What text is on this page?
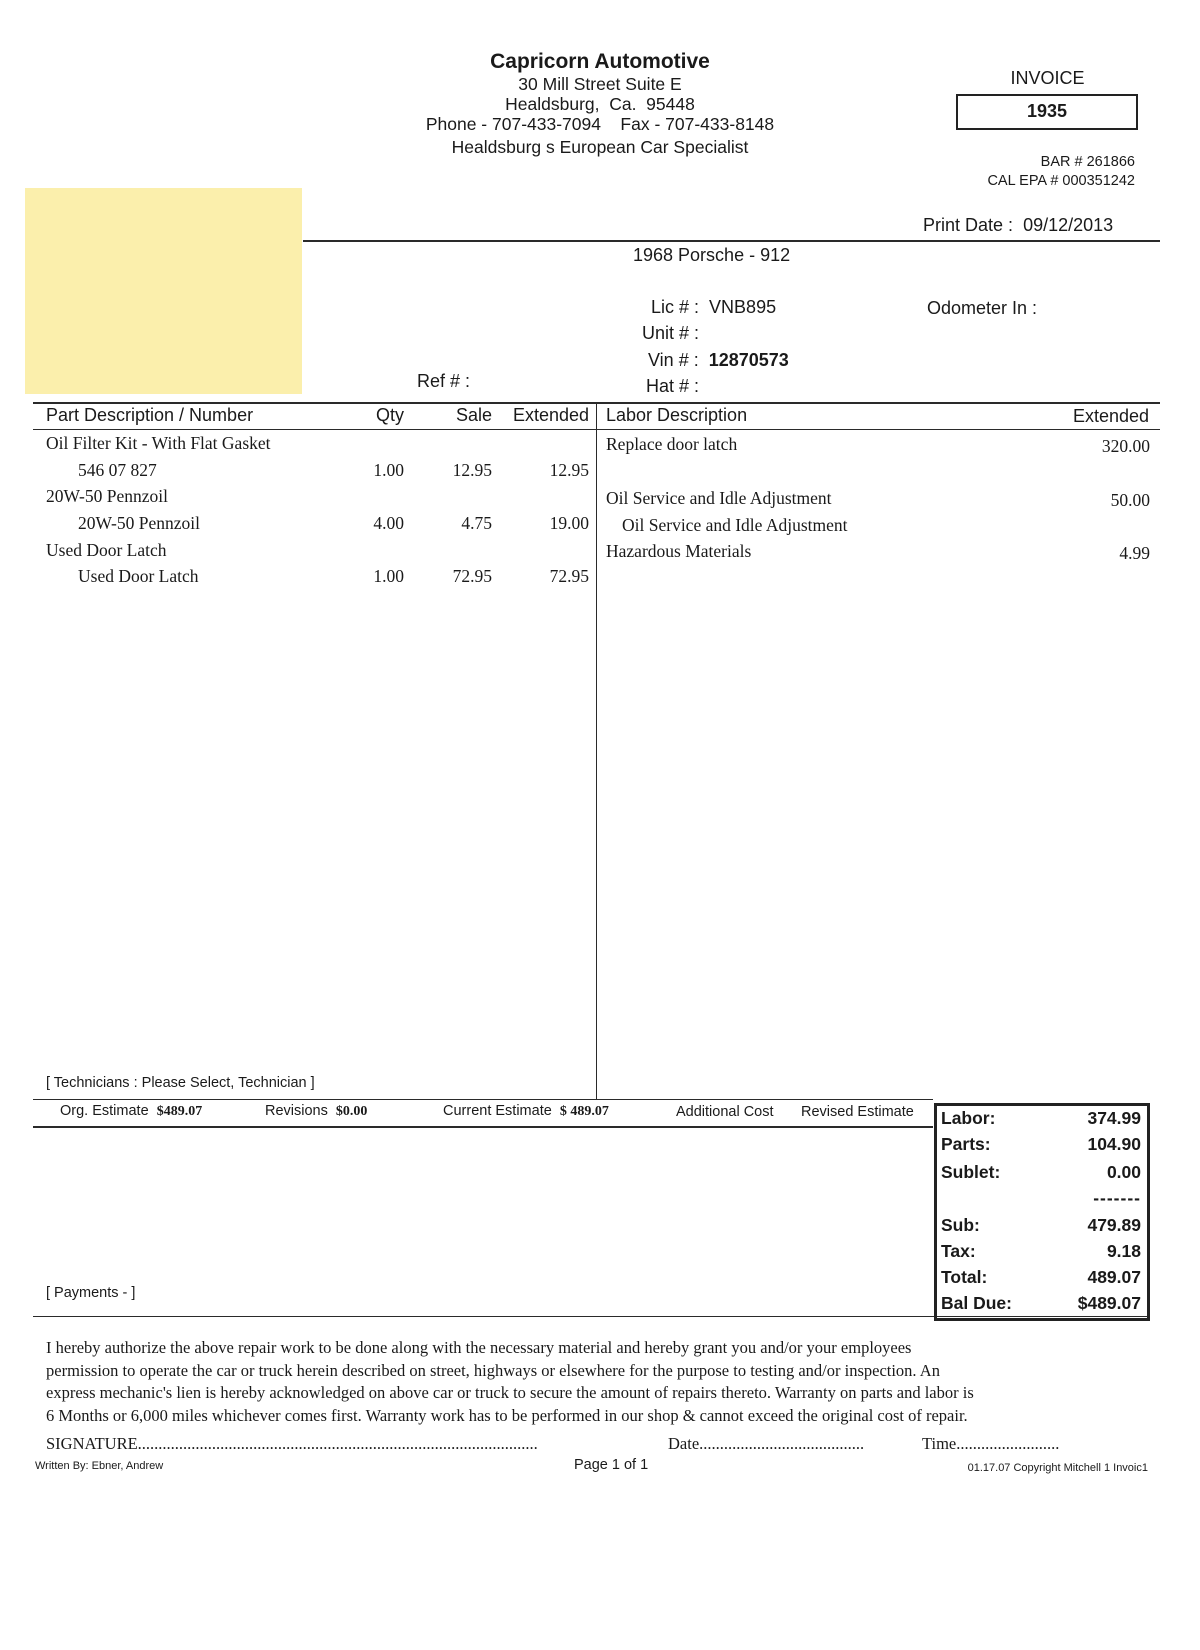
Capricorn Automotive
30 Mill Street Suite E
Healdsburg,  Ca.  95448
Phone - 707-433-7094    Fax - 707-433-8148
Healdsburg s European Car Specialist
INVOICE
1935
BAR # 261866
CAL EPA # 000351242
Print Date : 09/12/2013
1968 Porsche - 912
Lic # : VNB895
Unit # :
Vin # : 12870573
Hat # :
Ref # :
Odometer In :
Part Description / Number	Qty	Sale	Extended Labor Description	Extended
Oil Filter Kit - With Flat Gasket
546 07 827	1.00	12.95	12.95
20W-50 Pennzoil
20W-50 Pennzoil	4.00	4.75	19.00
Used Door Latch
Used Door Latch	1.00	72.95	72.95
Replace door latch	320.00
Oil Service and Idle Adjustment	50.00
Oil Service and Idle Adjustment
Hazardous Materials	4.99
[ Technicians : Please Select, Technician ]
Org. Estimate $489.07	Revisions $0.00	Current Estimate $ 489.07	Additional Cost Revised Estimate
[ Payments - ]
Labor:	374.99
Parts:	104.90
Sublet:	0.00
-------
Sub:	479.89
Tax:	9.18
Total:	489.07
Bal Due:	$489.07
I hereby authorize the above repair work to be done along with the necessary material and hereby grant you and/or your employees
permission to operate the car or truck herein described on street, highways or elsewhere for the purpose to testing and/or inspection. An
express mechanic's lien is hereby acknowledged on above car or truck to secure the amount of repairs thereto. Warranty on parts and labor is
6 Months or 6,000 miles whichever comes first. Warranty work has to be performed in our shop & cannot exceed the original cost of repair.
SIGNATURE.................................................................................................	Date........................................	Time.........................
Written By: Ebner, Andrew	Page 1 of 1	01.17.07 Copyright Mitchell 1 Invoic1
